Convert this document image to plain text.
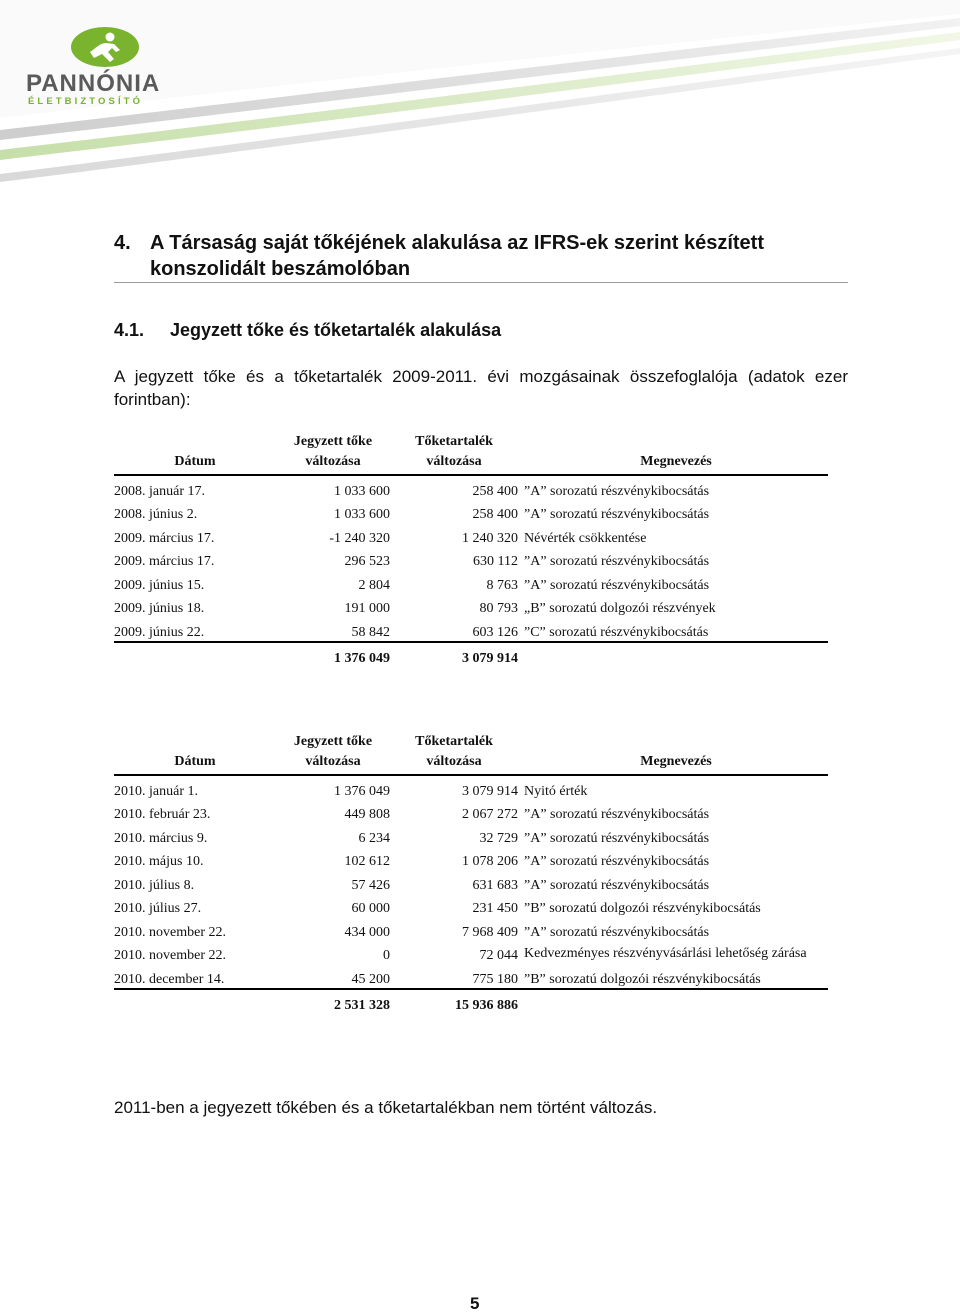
PANNÓNIA
ÉLETBIZTOSÍTÓ
4. A Társaság saját tőkéjének alakulása az IFRS-ek szerint készített konszolidált beszámolóban
4.1. Jegyzett tőke és tőketartalék alakulása
A jegyzett tőke és a tőketartalék 2009-2011. évi mozgásainak összefoglalója (adatok ezer forintban):
Dátum	Jegyzett tőke változása	Tőketartalék változása	Megnevezés
2008. január 17.	1 033 600	258 400	”A” sorozatú részvénykibocsátás
2008. június 2.	1 033 600	258 400	”A” sorozatú részvénykibocsátás
2009. március 17.	-1 240 320	1 240 320	Névérték csökkentése
2009. március 17.	296 523	630 112	”A” sorozatú részvénykibocsátás
2009. június 15.	2 804	8 763	”A” sorozatú részvénykibocsátás
2009. június 18.	191 000	80 793	„B” sorozatú dolgozói részvények
2009. június 22.	58 842	603 126	”C” sorozatú részvénykibocsátás
	1 376 049	3 079 914	
Dátum	Jegyzett tőke változása	Tőketartalék változása	Megnevezés
2010. január 1.	1 376 049	3 079 914	Nyitó érték
2010. február 23.	449 808	2 067 272	”A” sorozatú részvénykibocsátás
2010. március 9.	6 234	32 729	”A” sorozatú részvénykibocsátás
2010. május 10.	102 612	1 078 206	”A” sorozatú részvénykibocsátás
2010. július 8.	57 426	631 683	”A” sorozatú részvénykibocsátás
2010. július 27.	60 000	231 450	”B” sorozatú dolgozói részvénykibocsátás
2010. november 22.	434 000	7 968 409	”A” sorozatú részvénykibocsátás
2010. november 22.	0	72 044	Kedvezményes részvényvásárlási lehetőség zárása
2010. december 14.	45 200	775 180	”B” sorozatú dolgozói részvénykibocsátás
	2 531 328	15 936 886	
2011-ben a jegyezett tőkében és a tőketartalékban nem történt változás.
5
